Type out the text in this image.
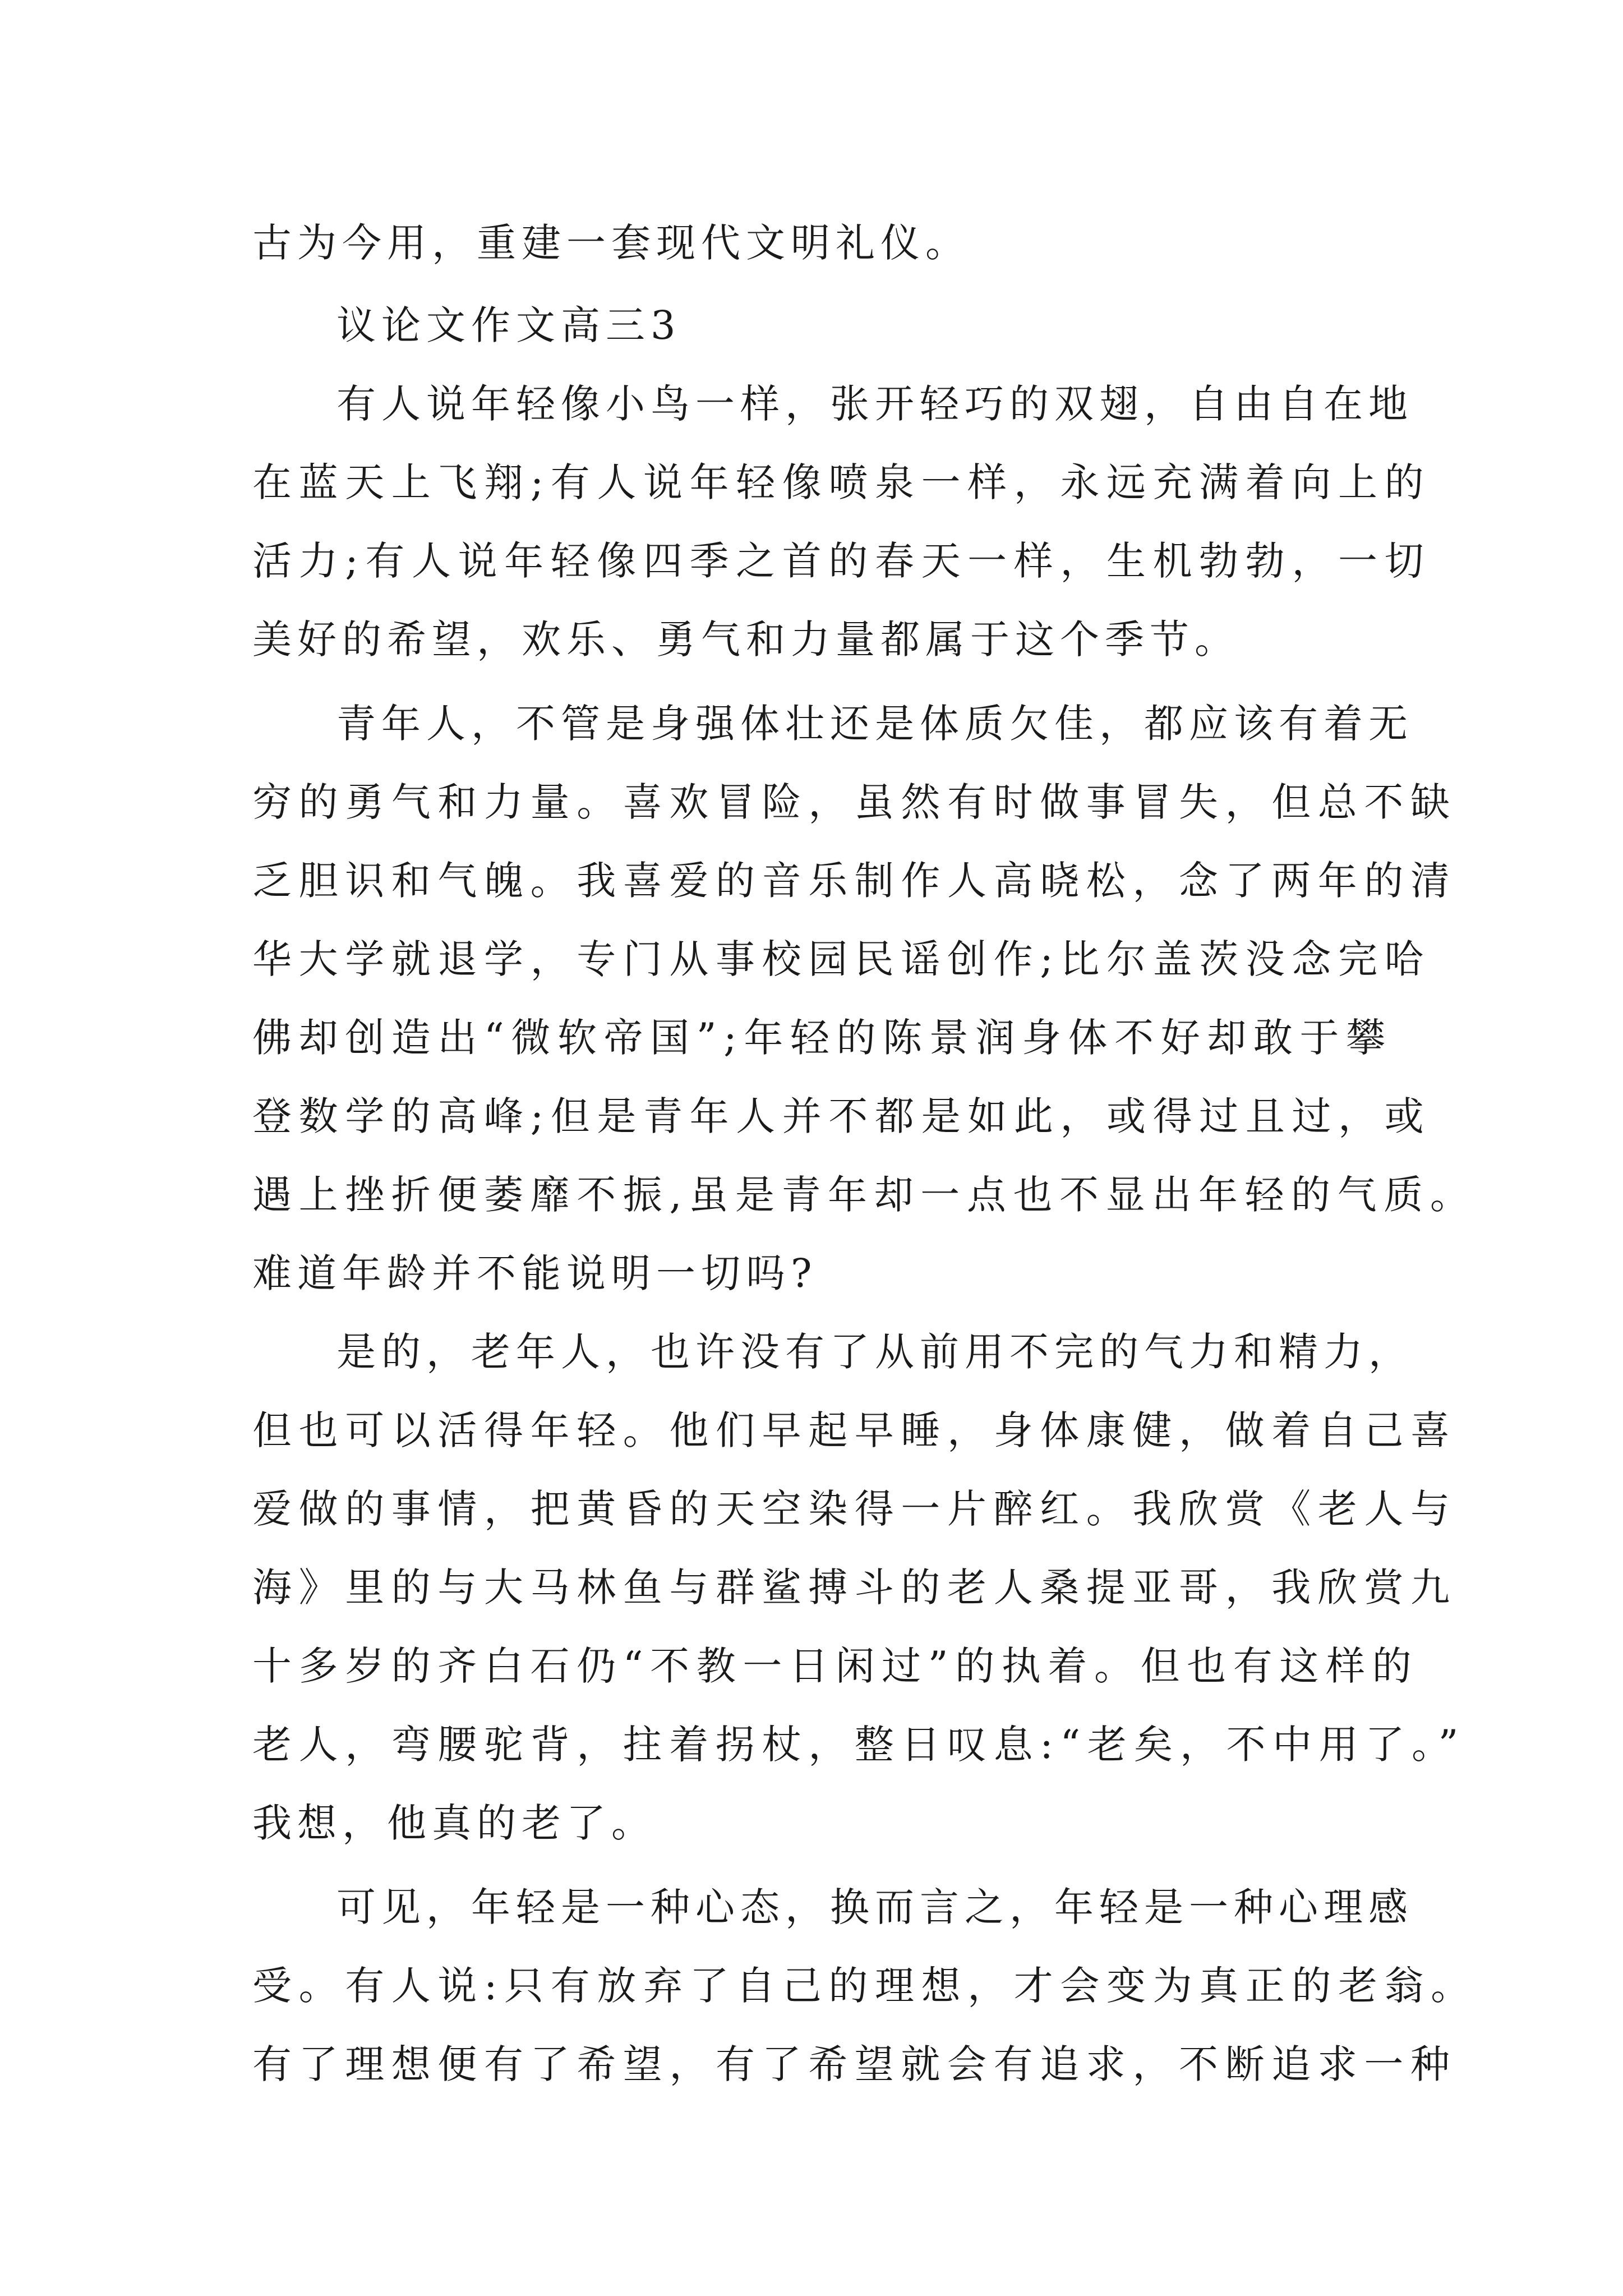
古为今用，重建一套现代文明礼仪。
议论文作文高三3
有人说年轻像小鸟一样，张开轻巧的双翅，自由自在地
在蓝天上飞翔;有人说年轻像喷泉一样，永远充满着向上的
活力;有人说年轻像四季之首的春天一样，生机勃勃，一切
美好的希望，欢乐、勇气和力量都属于这个季节。
青年人，不管是身强体壮还是体质欠佳，都应该有着无
穷的勇气和力量。喜欢冒险，虽然有时做事冒失，但总不缺
乏胆识和气魄。我喜爱的音乐制作人高晓松，念了两年的清
华大学就退学，专门从事校园民谣创作;比尔盖茨没念完哈
佛却创造出“微软帝国”;年轻的陈景润身体不好却敢于攀
登数学的高峰;但是青年人并不都是如此，或得过且过，或
遇上挫折便萎靡不振,虽是青年却一点也不显出年轻的气质。
难道年龄并不能说明一切吗?
是的，老年人，也许没有了从前用不完的气力和精力，
但也可以活得年轻。他们早起早睡，身体康健，做着自己喜
爱做的事情，把黄昏的天空染得一片醉红。我欣赏《老人与
海》里的与大马林鱼与群鲨搏斗的老人桑提亚哥，我欣赏九
十多岁的齐白石仍“不教一日闲过”的执着。但也有这样的
老人，弯腰驼背，拄着拐杖，整日叹息:“老矣，不中用了。”
我想，他真的老了。
可见，年轻是一种心态，换而言之，年轻是一种心理感
受。有人说:只有放弃了自己的理想，才会变为真正的老翁。
有了理想便有了希望，有了希望就会有追求，不断追求一种
